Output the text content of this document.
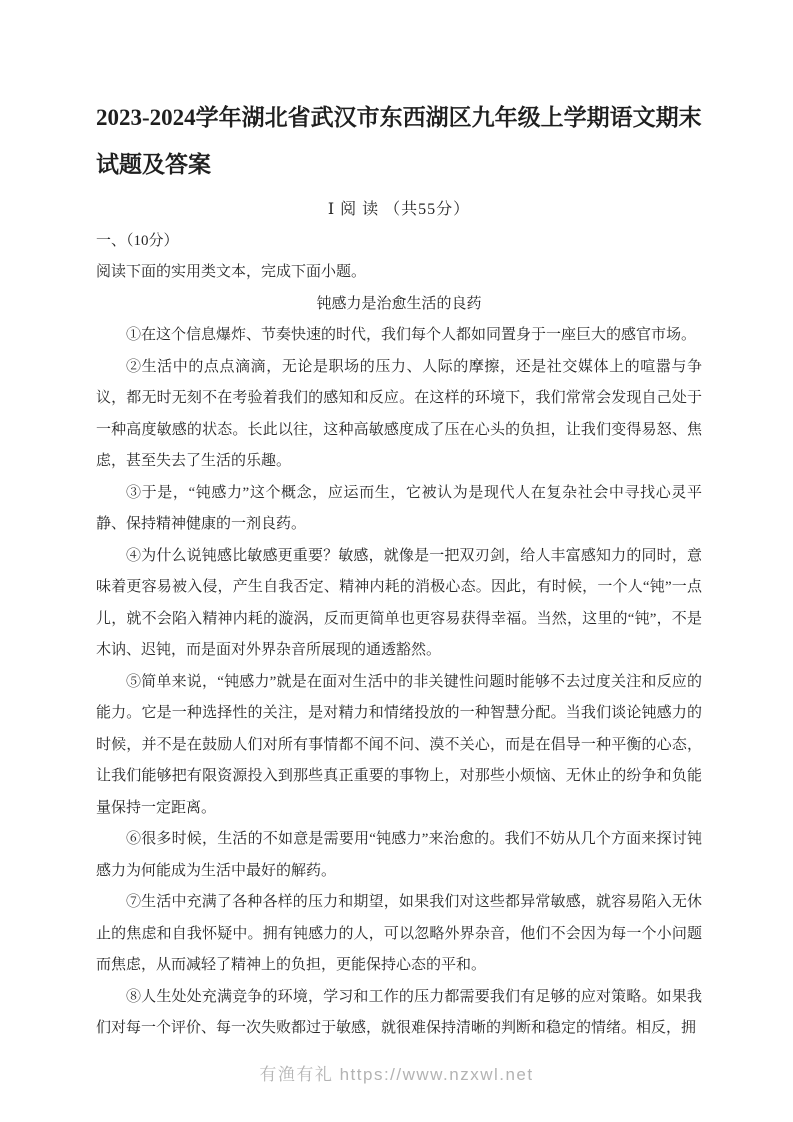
2023-2024学年湖北省武汉市东西湖区九年级上学期语文期末试题及答案
Ⅰ 阅 读 （共55分）
一、（10分）
阅读下面的实用类文本，完成下面小题。
钝感力是治愈生活的良药

①在这个信息爆炸、节奏快速的时代，我们每个人都如同置身于一座巨大的感官市场。

②生活中的点点滴滴，无论是职场的压力、人际的摩擦，还是社交媒体上的喧嚣与争议，都无时无刻不在考验着我们的感知和反应。在这样的环境下，我们常常会发现自己处于一种高度敏感的状态。长此以往，这种高敏感度成了压在心头的负担，让我们变得易怒、焦虑，甚至失去了生活的乐趣。

③于是，“钝感力”这个概念，应运而生，它被认为是现代人在复杂社会中寻找心灵平静、保持精神健康的一剂良药。

④为什么说钝感比敏感更重要？敏感，就像是一把双刃剑，给人丰富感知力的同时，意味着更容易被入侵，产生自我否定、精神内耗的消极心态。因此，有时候，一个人“钝”一点儿，就不会陷入精神内耗的漩涡，反而更简单也更容易获得幸福。当然，这里的“钝”，不是木讷、迟钝，而是面对外界杂音所展现的通透豁然。

⑤简单来说，“钝感力”就是在面对生活中的非关键性问题时能够不去过度关注和反应的能力。它是一种选择性的关注，是对精力和情绪投放的一种智慧分配。当我们谈论钝感力的时候，并不是在鼓励人们对所有事情都不闻不问、漠不关心，而是在倡导一种平衡的心态，让我们能够把有限资源投入到那些真正重要的事物上，对那些小烦恼、无休止的纷争和负能量保持一定距离。

⑥很多时候，生活的不如意是需要用“钝感力”来治愈的。我们不妨从几个方面来探讨钝感力为何能成为生活中最好的解药。

⑦生活中充满了各种各样的压力和期望，如果我们对这些都异常敏感，就容易陷入无休止的焦虑和自我怀疑中。拥有钝感力的人，可以忽略外界杂音，他们不会因为每一个小问题而焦虑，从而减轻了精神上的负担，更能保持心态的平和。

⑧人生处处充满竞争的环境，学习和工作的压力都需要我们有足够的应对策略。如果我们对每一个评价、每一次失败都过于敏感，就很难保持清晰的判断和稳定的情绪。相反，拥

有渔有礼 https://www.nzxwl.net
